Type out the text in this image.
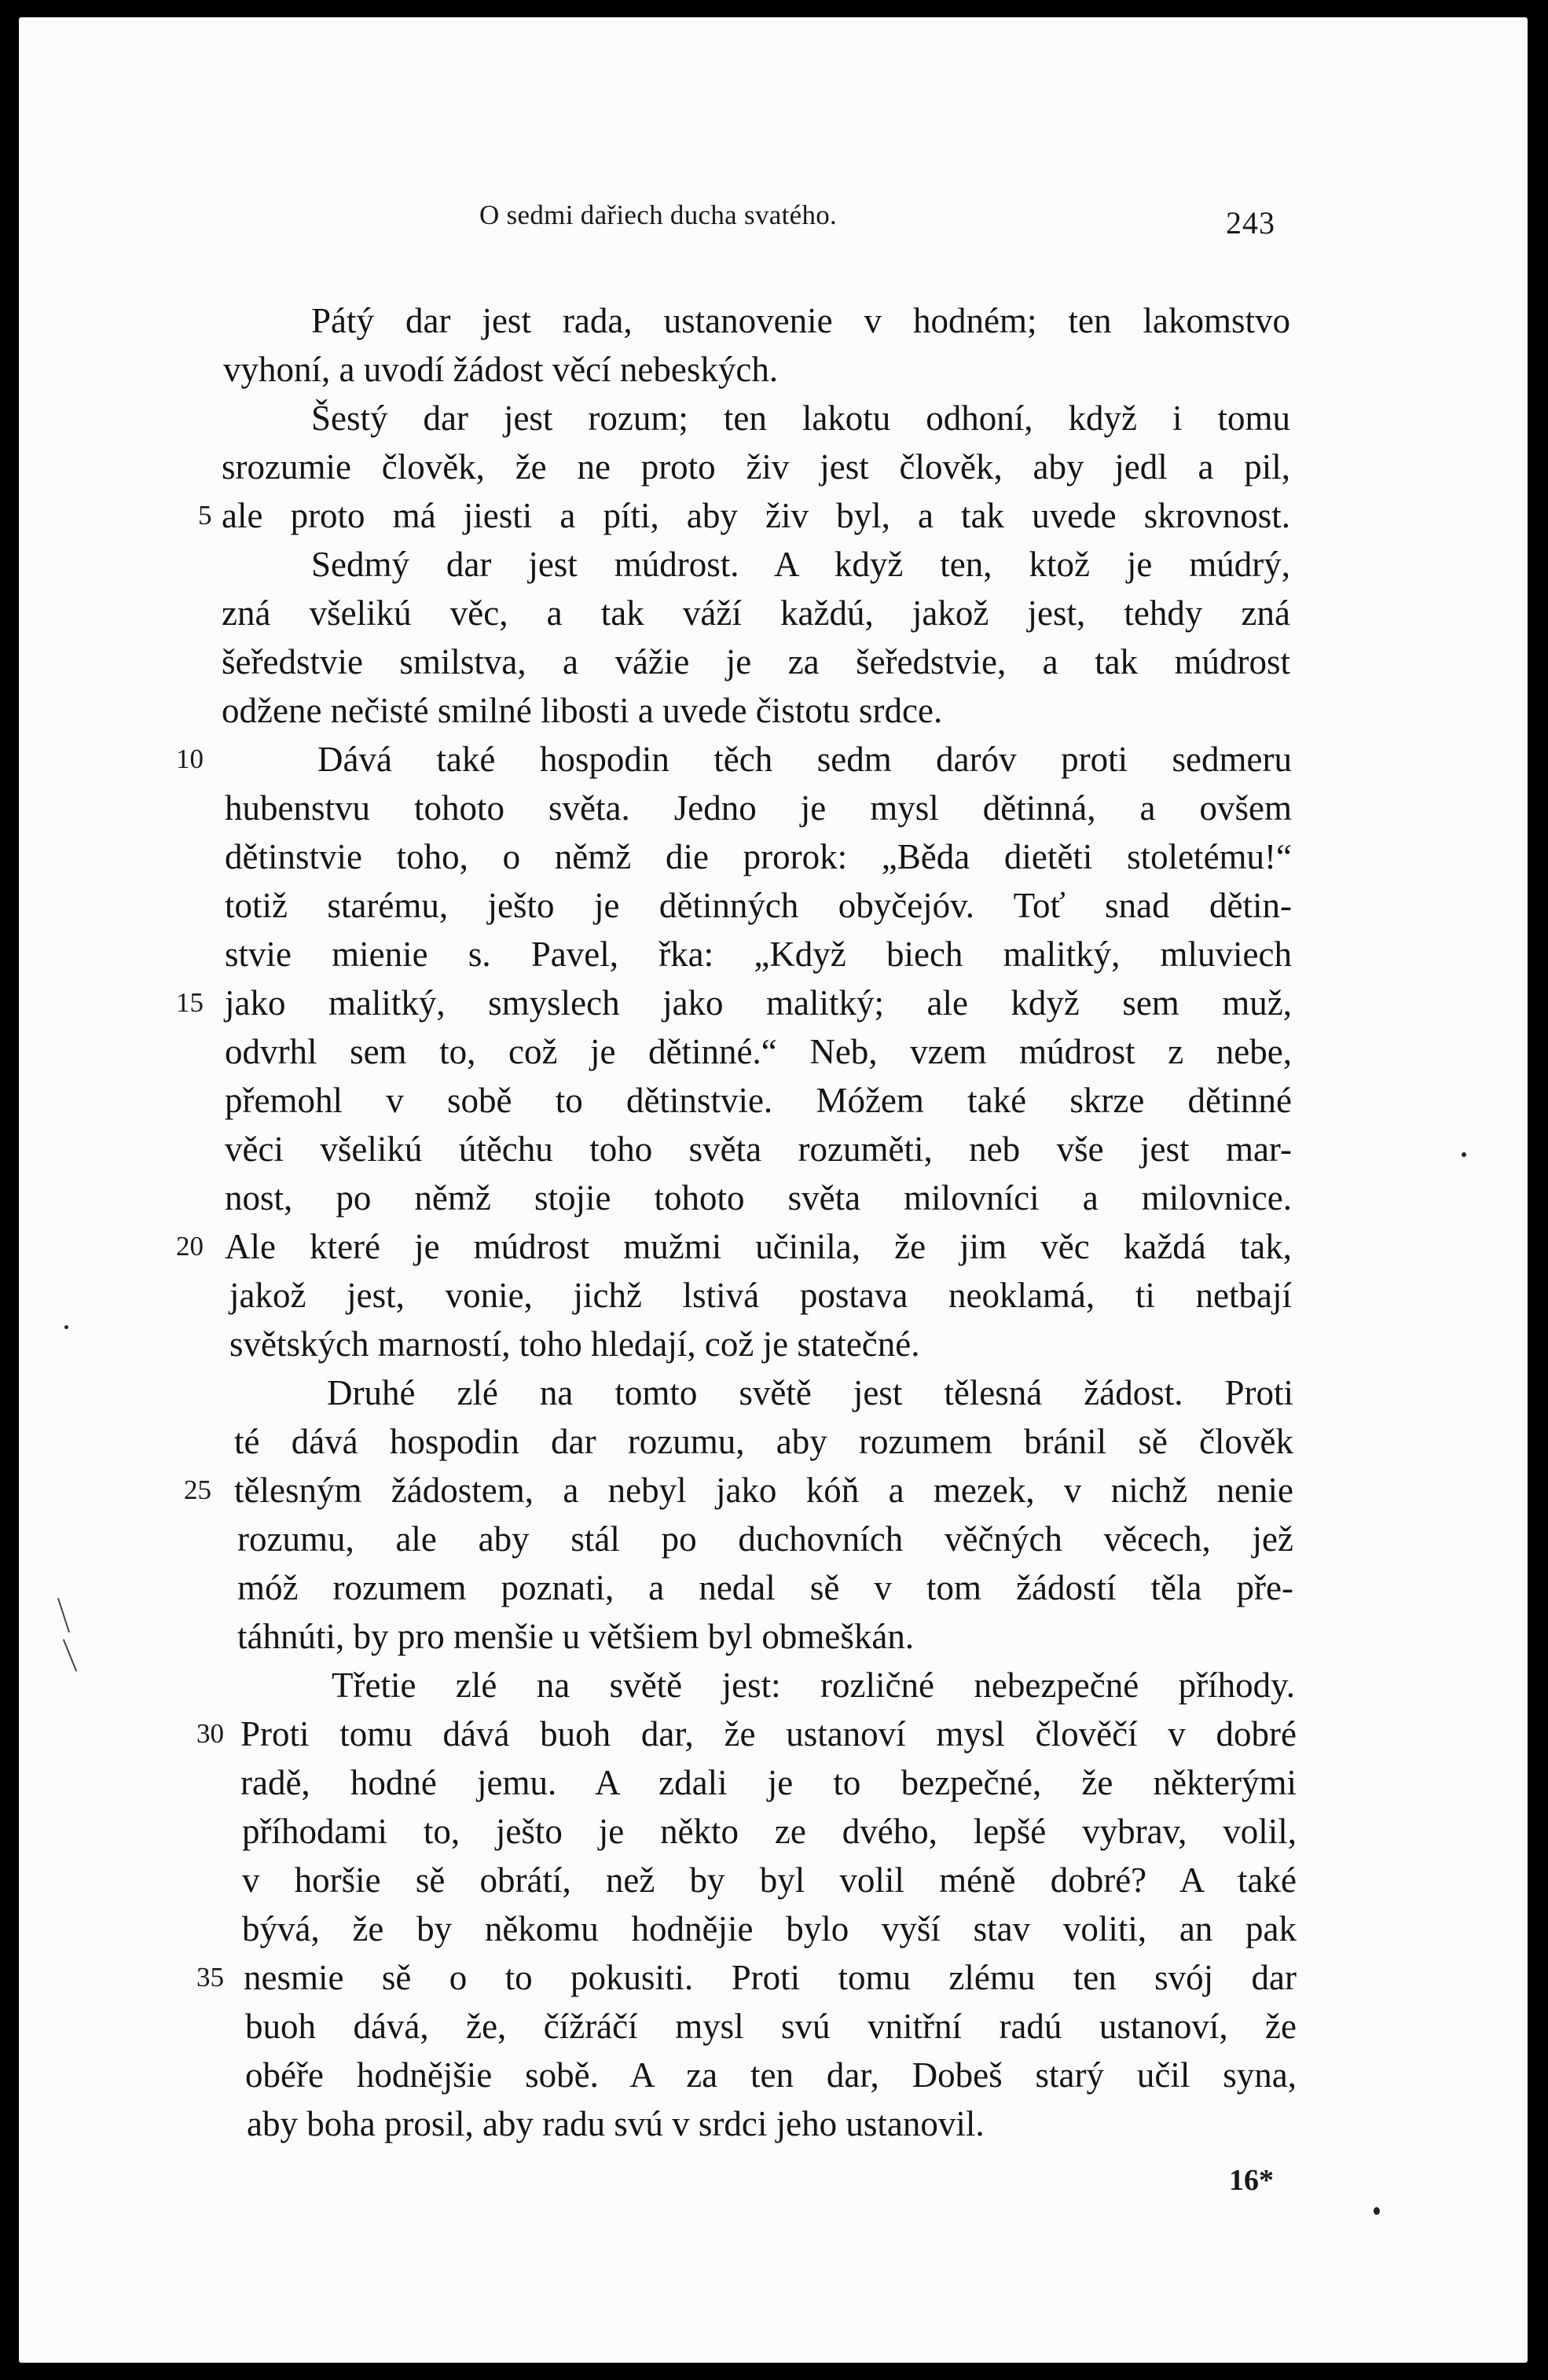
O sedmi dařiech ducha svatého.	243
Pátý dar jest rada, ustanovenie v hodném; ten lakomstvo
vyhoní, a uvodí žádost věcí nebeských.
Šestý dar jest rozum; ten lakotu odhoní, když i tomu
srozumie člověk, že ne proto živ jest člověk, aby jedl a pil,
ale proto má jiesti a píti, aby živ byl, a tak uvede skrovnost.
Sedmý dar jest múdrost. A když ten, ktož je múdrý,
zná všelikú věc, a tak váží každú, jakož jest, tehdy zná
šeředstvie smilstva, a vážie je za šeředstvie, a tak múdrost
odžene nečisté smilné libosti a uvede čistotu srdce.
Dává také hospodin těch sedm daróv proti sedmeru
hubenstvu tohoto světa. Jedno je mysl dětinná, a ovšem
dětinstvie toho, o němž die prorok: „Běda dietěti stoletému!“
totiž starému, ješto je dětinných obyčejóv. Toť snad dětin-
stvie mienie s. Pavel, řka: „Když biech malitký, mluviech
jako malitký, smyslech jako malitký; ale když sem muž,
odvrhl sem to, což je dětinné.“ Neb, vzem múdrost z nebe,
přemohl v sobě to dětinstvie. Móžem také skrze dětinné
věci všelikú útěchu toho světa rozuměti, neb vše jest mar-
nost, po němž stojie tohoto světa milovníci a milovnice.
Ale které je múdrost mužmi učinila, že jim věc každá tak,
jakož jest, vonie, jichž lstivá postava neoklamá, ti netbají
světských marností, toho hledají, což je statečné.
Druhé zlé na tomto světě jest tělesná žádost. Proti
té dává hospodin dar rozumu, aby rozumem bránil sě člověk
tělesným žádostem, a nebyl jako kóň a mezek, v nichž nenie
rozumu, ale aby stál po duchovních věčných věcech, jež
móž rozumem poznati, a nedal sě v tom žádostí těla pře-
táhnúti, by pro menšie u většiem byl obmeškán.
Třetie zlé na světě jest: rozličné nebezpečné příhody.
Proti tomu dává buoh dar, že ustanoví mysl člověčí v dobré
radě, hodné jemu. A zdali je to bezpečné, že některými
příhodami to, ješto je někto ze dvého, lepšé vybrav, volil,
v horšie sě obrátí, než by byl volil méně dobré? A také
bývá, že by někomu hodnějie bylo vyší stav voliti, an pak
nesmie sě o to pokusiti. Proti tomu zlému ten svój dar
buoh dává, že, čížráčí mysl svú vnitřní radú ustanoví, že
obéře hodnějšie sobě. A za ten dar, Dobeš starý učil syna,
aby boha prosil, aby radu svú v srdci jeho ustanovil.
5
10
15
20
25
30
35
16*
